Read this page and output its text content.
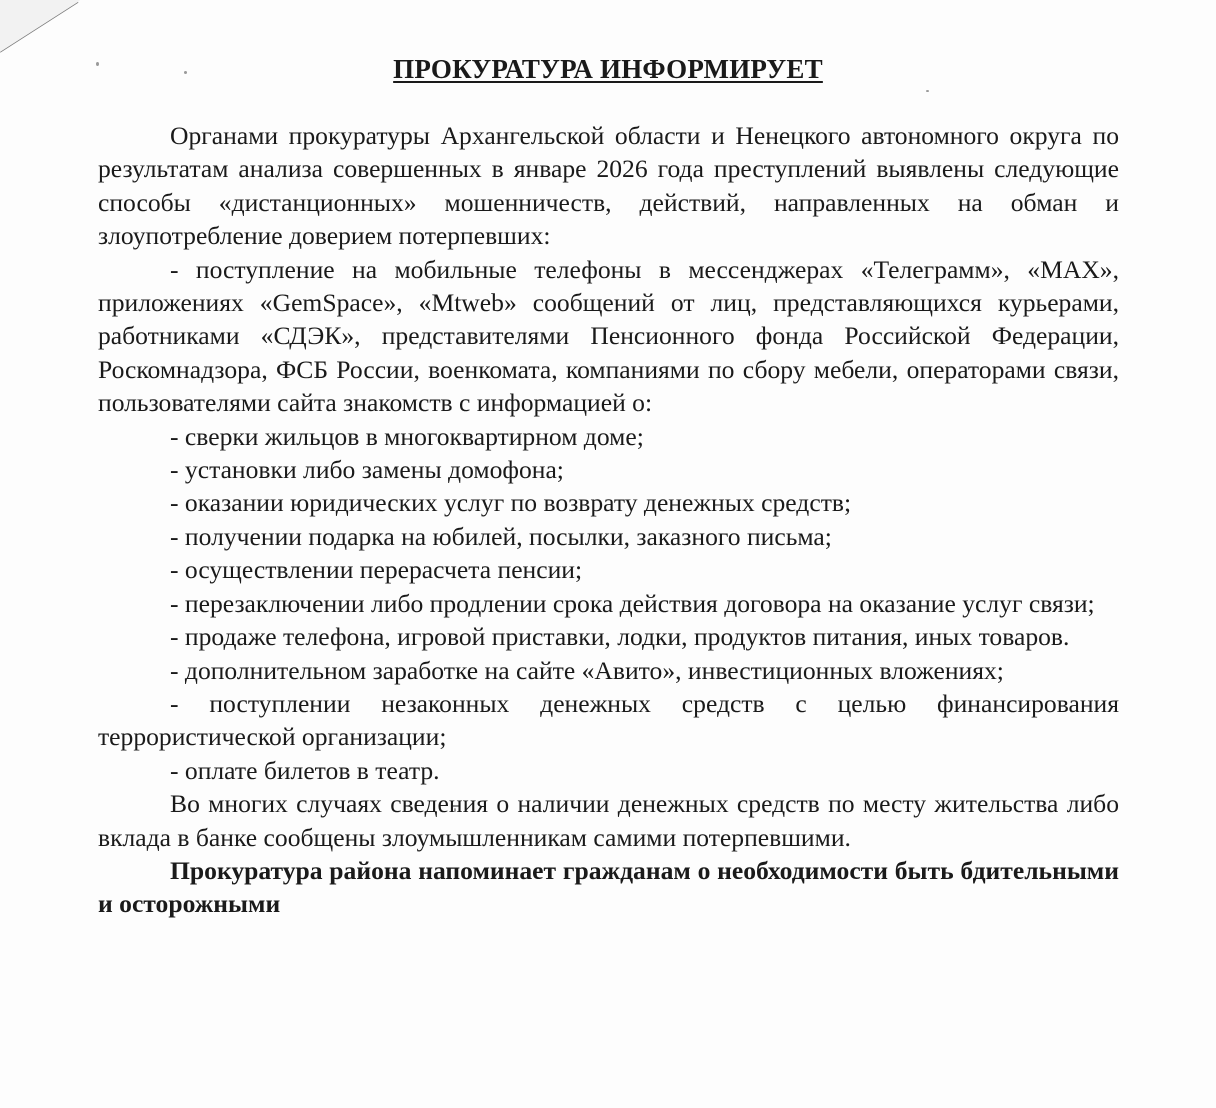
ПРОКУРАТУРА ИНФОРМИРУЕТ

Органами прокуратуры Архангельской области и Ненецкого автономного округа по результатам анализа совершенных в январе 2026 года преступлений выявлены следующие способы «дистанционных» мошенничеств, действий, направленных на обман и злоупотребление доверием потерпевших:

- поступление на мобильные телефоны в мессенджерах «Телеграмм», «МАХ», приложениях «GemSpace», «Mtweb» сообщений от лиц, представляющихся курьерами, работниками «СДЭК», представителями Пенсионного фонда Российской Федерации, Роскомнадзора, ФСБ России, военкомата, компаниями по сбору мебели, операторами связи, пользователями сайта знакомств с информацией о:

- сверки жильцов в многоквартирном доме;

- установки либо замены домофона;

- оказании юридических услуг по возврату денежных средств;

- получении подарка на юбилей, посылки, заказного письма;

- осуществлении перерасчета пенсии;

- перезаключении либо продлении срока действия договора на оказание услуг связи;

- продаже телефона, игровой приставки, лодки, продуктов питания, иных товаров.

- дополнительном заработке на сайте «Авито», инвестиционных вложениях;

- поступлении незаконных денежных средств с целью финансирования террористической организации;

- оплате билетов в театр.

Во многих случаях сведения о наличии денежных средств по месту жительства либо вклада в банке сообщены злоумышленникам самими потерпевшими.

Прокуратура района напоминает гражданам о необходимости быть бдительными и осторожными
